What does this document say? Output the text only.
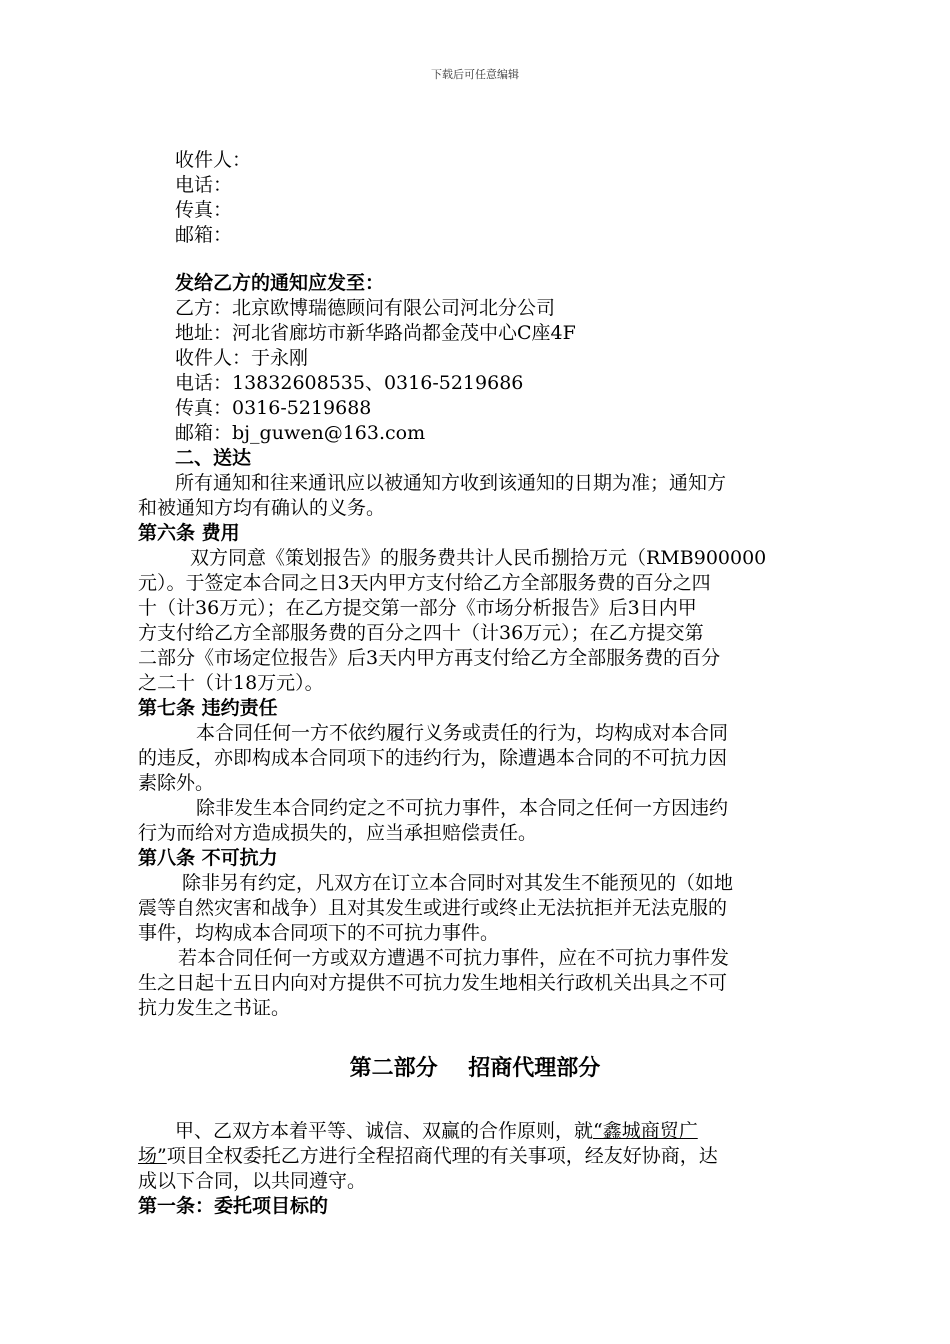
下载后可任意编辑
收件人：
电话：
传真：
邮箱：
发给乙方的通知应发至：
乙方：北京欧博瑞德顾问有限公司河北分公司
地址：河北省廊坊市新华路尚都金茂中心C座4F
收件人：于永刚
电话：13832608535、0316-5219686
传真：0316-5219688
邮箱：bj_guwen@163.com
二、送达
所有通知和往来通讯应以被通知方收到该通知的日期为准；通知方
和被通知方均有确认的义务。
第六条 费用
双方同意《策划报告》的服务费共计人民币捌拾万元（RMB900000
元）。于签定本合同之日3天内甲方支付给乙方全部服务费的百分之四
十（计36万元）；在乙方提交第一部分《市场分析报告》后3日内甲
方支付给乙方全部服务费的百分之四十（计36万元）；在乙方提交第
二部分《市场定位报告》后3天内甲方再支付给乙方全部服务费的百分
之二十（计18万元）。
第七条 违约责任
本合同任何一方不依约履行义务或责任的行为，均构成对本合同
的违反，亦即构成本合同项下的违约行为，除遭遇本合同的不可抗力因
素除外。
除非发生本合同约定之不可抗力事件，本合同之任何一方因违约
行为而给对方造成损失的，应当承担赔偿责任。
第八条 不可抗力
除非另有约定，凡双方在订立本合同时对其发生不能预见的（如地
震等自然灾害和战争）且对其发生或进行或终止无法抗拒并无法克服的
事件，均构成本合同项下的不可抗力事件。
若本合同任何一方或双方遭遇不可抗力事件，应在不可抗力事件发
生之日起十五日内向对方提供不可抗力发生地相关行政机关出具之不可
抗力发生之书证。
第二部分    招商代理部分
甲、乙双方本着平等、诚信、双赢的合作原则，就“鑫城商贸广
场”项目全权委托乙方进行全程招商代理的有关事项，经友好协商，达
成以下合同，以共同遵守。
第一条：委托项目标的
